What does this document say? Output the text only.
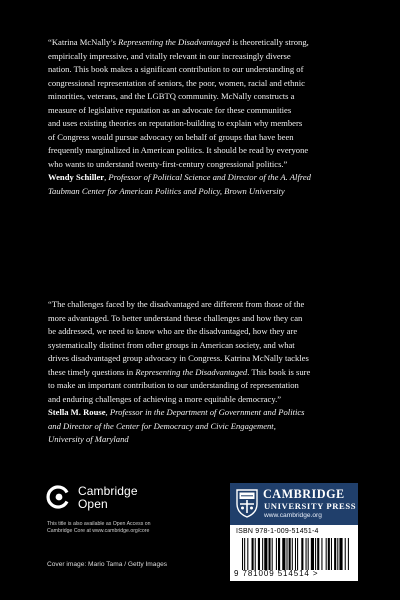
“Katrina McNally’s Representing the Disadvantaged is theoretically strong,
empirically impressive, and vitally relevant in our increasingly diverse
nation. This book makes a significant contribution to our understanding of
congressional representation of seniors, the poor, women, racial and ethnic
minorities, veterans, and the LGBTQ community. McNally constructs a
measure of legislative reputation as an advocate for these communities
and uses existing theories on reputation-building to explain why members
of Congress would pursue advocacy on behalf of groups that have been
frequently marginalized in American politics. It should be read by everyone
who wants to understand twenty-first-century congressional politics.”
Wendy Schiller, Professor of Political Science and Director of the A. Alfred
Taubman Center for American Politics and Policy, Brown University

“The challenges faced by the disadvantaged are different from those of the
more advantaged. To better understand these challenges and how they can
be addressed, we need to know who are the disadvantaged, how they are
systematically distinct from other groups in American society, and what
drives disadvantaged group advocacy in Congress. Katrina McNally tackles
these timely questions in Representing the Disadvantaged. This book is sure
to make an important contribution to our understanding of representation
and enduring challenges of achieving a more equitable democracy.”
Stella M. Rouse, Professor in the Department of Government and Politics
and Director of the Center for Democracy and Civic Engagement,
University of Maryland

Cambridge
Open
This title is also available as Open Access on
Cambridge Core at www.cambridge.org/core
Cover image: Mario Tama / Getty Images
CAMBRIDGE
UNIVERSITY PRESS
www.cambridge.org
ISBN 978-1-009-51451-4
9 781009 514514 >
